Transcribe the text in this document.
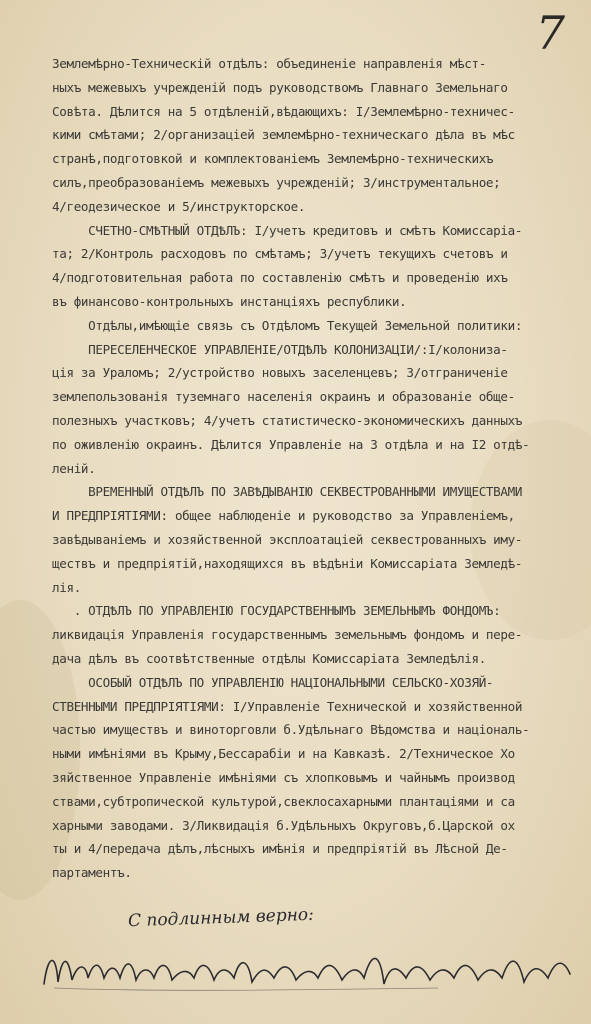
7
Землемѣрно-Техническій отдѣлъ: объединеніе направленія мѣст-
ныхъ межевыхъ учрежденій подъ руководствомъ Главнаго Земельнаго
Совѣта. Дѣлится на 5 отдѣленій,вѣдающихъ: I/Землемѣрно-техничес-
кими смѣтами; 2/организаціей землемѣрно-техническаго дѣла въ мѣс
странѣ,подготовкой и комплектованіемъ Землемѣрно-техническихъ
силъ,преобразованіемъ межевыхъ учрежденій; 3/инструментальное;
4/геодезическое и 5/инструкторское.
СЧЕТНО-СМѢТНЫЙ ОТДѢЛЪ: I/учетъ кредитовъ и смѣтъ Комиссаріа-
та; 2/Контроль расходовъ по смѣтамъ; 3/учетъ текущихъ счетовъ и
4/подготовительная работа по составленію смѣтъ и проведенію ихъ
въ финансово-контрольныхъ инстанціяхъ республики.
Отдѣлы,имѣющіе связь съ Отдѣломъ Текущей Земельной политики:
ПЕРЕСЕЛЕНЧЕСКОЕ УПРАВЛЕНІЕ/ОТДѢЛЪ КОЛОНИЗАЦІИ/:I/колониза-
ція за Ураломъ; 2/устройство новыхъ заселенцевъ; 3/отграниченіе
землепользованія туземнаго населенія окраинъ и образованіе обще-
полезныхъ участковъ; 4/учетъ статистическо-экономическихъ данныхъ
по оживленію окраинъ. Дѣлится Управленіе на 3 отдѣла и на I2 отдѣ-
леній.
ВРЕМЕННЫЙ ОТДѢЛЪ ПО ЗАВѢДЫВАНІЮ СЕКВЕСТРОВАННЫМИ ИМУЩЕСТВАМИ
И ПРЕДПРІЯТІЯМИ: общее наблюденіе и руководство за Управленіемъ,
завѣдываніемъ и хозяйственной эксплоатаціей секвестрованныхъ иму-
ществъ и предпріятій,находящихся въ вѣдѣніи Комиссаріата Земледѣ-
лія.
. ОТДѢЛЪ ПО УПРАВЛЕНІЮ ГОСУДАРСТВЕННЫМЪ ЗЕМЕЛЬНЫМЪ ФОНДОМЪ:
ликвидація Управленія государственнымъ земельнымъ фондомъ и пере-
дача дѣлъ въ соотвѣтственные отдѣлы Комиссаріата Земледѣлія.
ОСОБЫЙ ОТДѢЛЪ ПО УПРАВЛЕНІЮ НАЦІОНАЛЬНЫМИ СЕЛЬСКО-ХОЗЯЙ-
СТВЕННЫМИ ПРЕДПРІЯТІЯМИ: I/Управленіе Технической и хозяйственной
частью имуществъ и виноторговли б.Удѣльнаго Вѣдомства и національ-
ными имѣніями въ Крыму,Бессарабіи и на Кавказѣ. 2/Техническое Хо
зяйственное Управленіе имѣніями съ хлопковымъ и чайнымъ производ
ствами,субтропической культурой,свеклосахарными плантаціями и са
харными заводами. 3/Ликвидація б.Удѣльныхъ Округовъ,б.Царской ох
ты и 4/передача дѣлъ,лѣсныхъ имѣнія и предпріятій въ Лѣсной Де-
партаментъ.
С подлинным верно:
